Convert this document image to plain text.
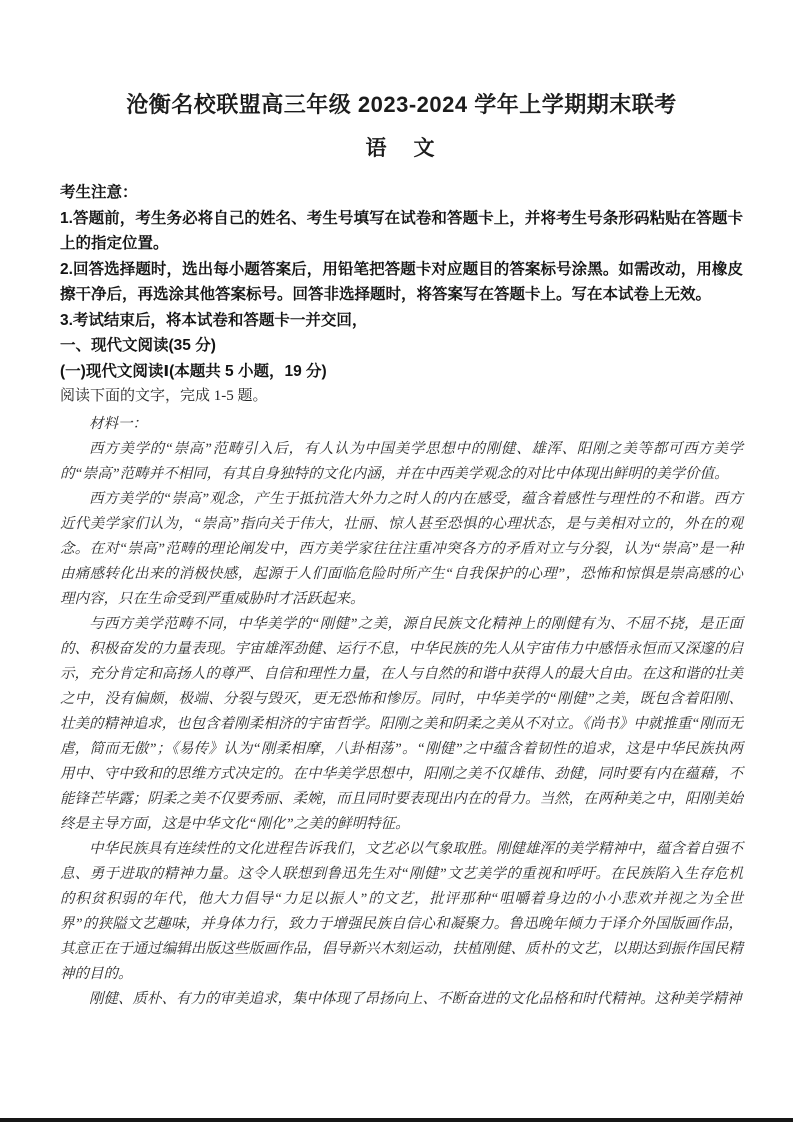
沧衡名校联盟高三年级 2023-2024 学年上学期期末联考
语　文

考生注意：

1.答题前，考生务必将自己的姓名、考生号填写在试卷和答题卡上，并将考生号条形码粘贴在答题卡上的指定位置。

2.回答选择题时，选出每小题答案后，用铅笔把答题卡对应题目的答案标号涂黑。如需改动，用橡皮擦干净后，再选涂其他答案标号。回答非选择题时，将答案写在答题卡上。写在本试卷上无效。

3.考试结束后，将本试卷和答题卡一并交回，

一、现代文阅读(35 分)

(一)现代文阅读Ⅰ(本题共 5 小题，19 分)

阅读下面的文字，完成 1-5 题。

材料一：

西方美学的“崇高”范畴引入后，有人认为中国美学思想中的刚健、雄浑、阳刚之美等都可西方美学的“崇高”范畴并不相同，有其自身独特的文化内涵，并在中西美学观念的对比中体现出鲜明的美学价值。

西方美学的“崇高”观念，产生于抵抗浩大外力之时人的内在感受，蕴含着感性与理性的不和谐。西方近代美学家们认为，“崇高”指向关于伟大，壮丽、惊人甚至恐惧的心理状态，是与美相对立的，外在的观念。在对“崇高”范畴的理论阐发中，西方美学家往往注重冲突各方的矛盾对立与分裂，认为“崇高”是一种由痛感转化出来的消极快感，起源于人们面临危险时所产生“自我保护的心理”，恐怖和惊惧是崇高感的心理内容，只在生命受到严重威胁时才活跃起来。

与西方美学范畴不同，中华美学的“刚健”之美，源自民族文化精神上的刚健有为、不屈不挠，是正面的、积极奋发的力量表现。宇宙雄浑劲健、运行不息，中华民族的先人从宇宙伟力中感悟永恒而又深邃的启示，充分肯定和高扬人的尊严、自信和理性力量，在人与自然的和谐中获得人的最大自由。在这和谐的壮美之中，没有偏颇，极端、分裂与毁灭，更无恐怖和惨厉。同时，中华美学的“刚健”之美，既包含着阳刚、壮美的精神追求，也包含着刚柔相济的宇宙哲学。阳刚之美和阴柔之美从不对立。《尚书》中就推重“刚而无虐，简而无傲”；《易传》认为“刚柔相摩，八卦相荡”。“刚健”之中蕴含着韧性的追求，这是中华民族执两用中、守中致和的思维方式决定的。在中华美学思想中，阳刚之美不仅雄伟、劲健，同时要有内在蕴藉，不能锋芒毕露；阴柔之美不仅要秀丽、柔婉，而且同时要表现出内在的骨力。当然，在两种美之中，阳刚美始终是主导方面，这是中华文化“刚化”之美的鲜明特征。

中华民族具有连续性的文化进程告诉我们，文艺必以气象取胜。刚健雄浑的美学精神中，蕴含着自强不息、勇于进取的精神力量。这令人联想到鲁迅先生对“刚健”文艺美学的重视和呼吁。在民族陷入生存危机的积贫积弱的年代，他大力倡导“力足以振人”的文艺，批评那种“咀嚼着身边的小小悲欢并视之为全世界”的狭隘文艺趣味，并身体力行，致力于增强民族自信心和凝聚力。鲁迅晚年倾力于译介外国版画作品，其意正在于通过编辑出版这些版画作品，倡导新兴木刻运动，扶植刚健、质朴的文艺，以期达到振作国民精神的目的。

刚健、质朴、有力的审美追求，集中体现了昂扬向上、不断奋进的文化品格和时代精神。这种美学精神
